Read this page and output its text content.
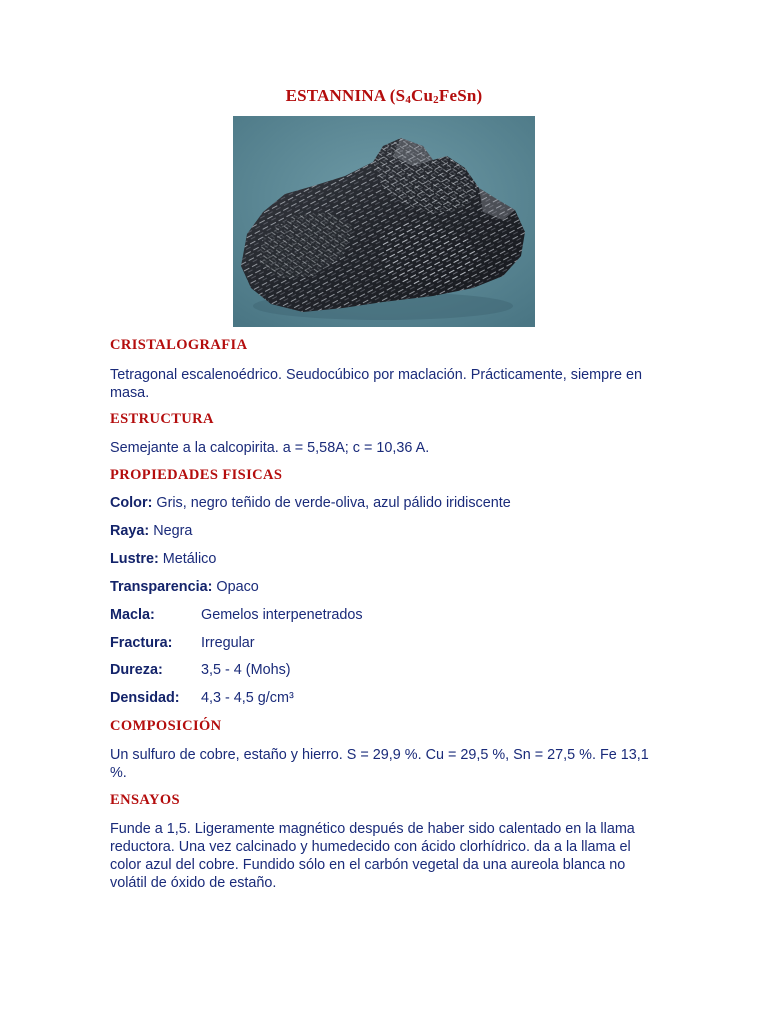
ESTANNINA $(S_4Cu_2FeSn)$
CRISTALOGRAFIA

Tetragonal escalenoédrico. Seudocúbico por maclación. Prácticamente, siempre en masa.

ESTRUCTURA

Semejante a la calcopirita. a = 5,58A; c = 10,36 A.

PROPIEDADES FISICAS
Color: Gris, negro teñido de verde-oliva, azul pálido iridiscente
Raya: Negra
Lustre: Metálico
Transparencia: Opaco
Macla:	Gemelos interpenetrados
Fractura: Irregular
Dureza:	3,5 - 4 (Mohs)
Densidad: 4,3 - 4,5 g/cm³
COMPOSICIÓN

Un sulfuro de cobre, estaño y hierro. S = 29,9 %. Cu = 29,5 %, Sn = 27,5 %. Fe 13,1 %.

ENSAYOS

Funde a 1,5. Ligeramente magnético después de haber sido calentado en la llama reductora. Una vez calcinado y humedecido con ácido clorhídrico. da a la llama el color azul del cobre. Fundido sólo en el carbón vegetal da una aureola blanca no volátil de óxido de estaño.
